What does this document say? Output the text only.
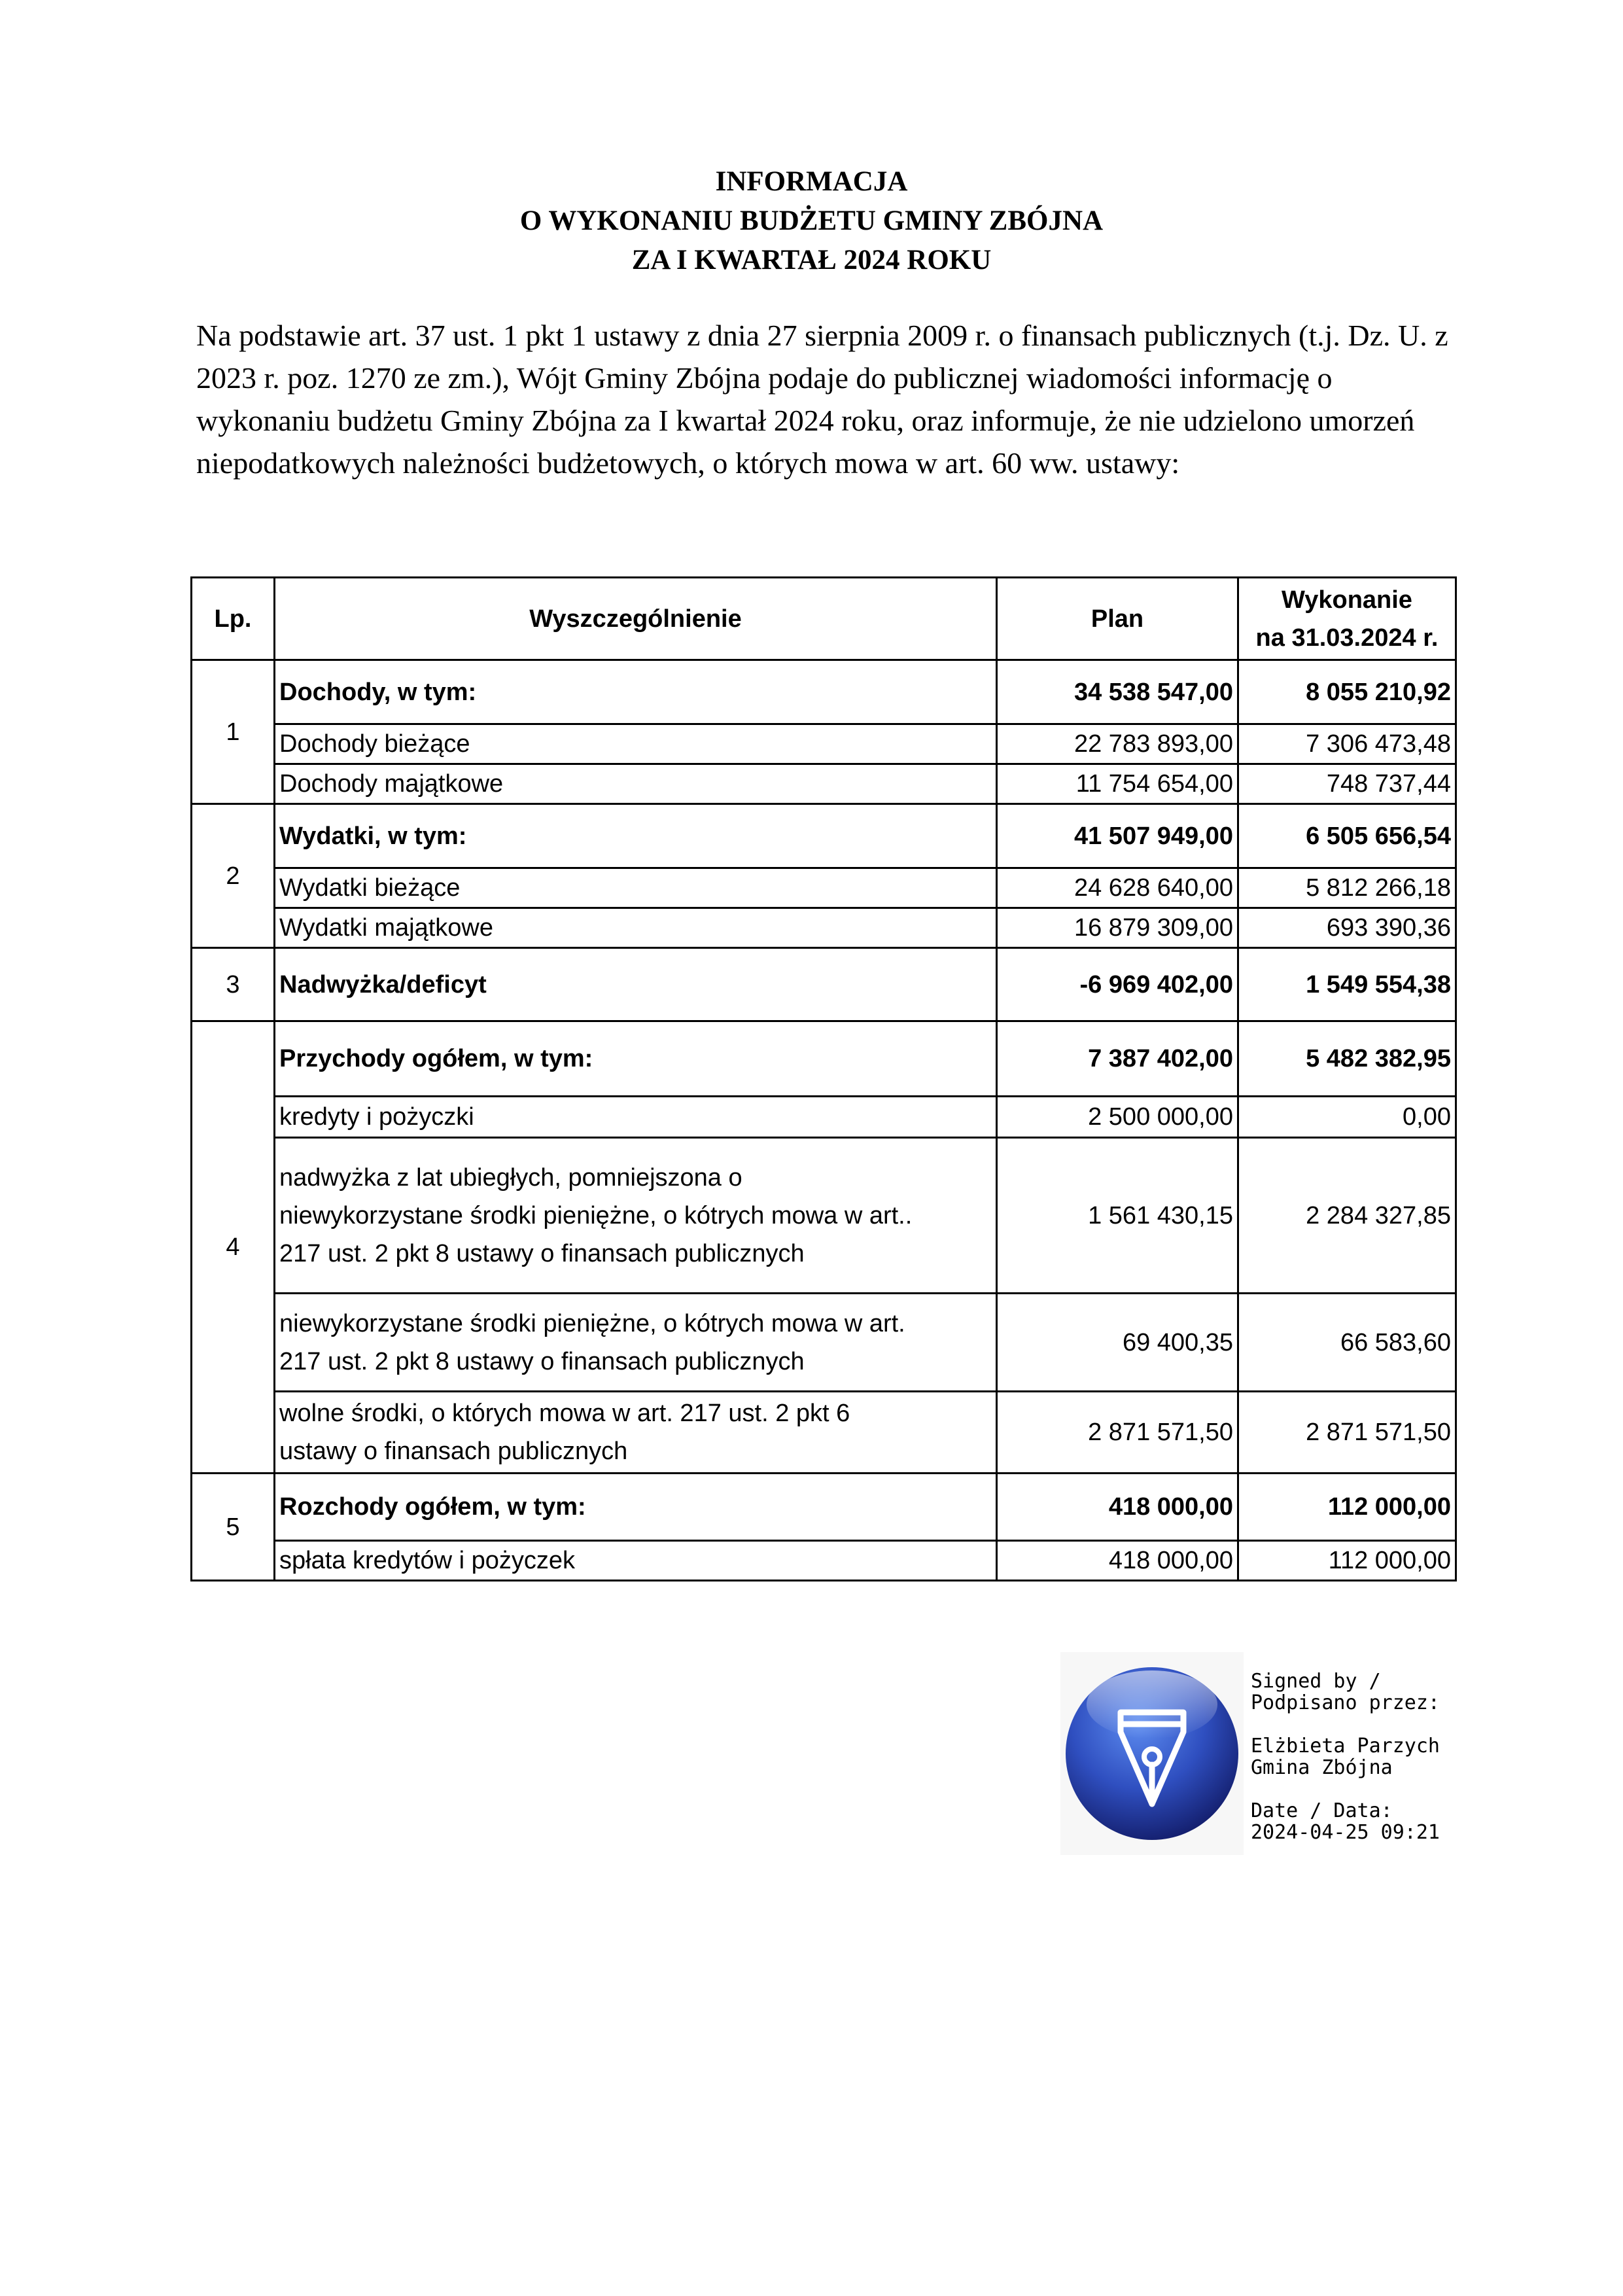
INFORMACJA
O WYKONANIU BUDŻETU GMINY ZBÓJNA
ZA I KWARTAŁ 2024 ROKU
Na podstawie art. 37 ust. 1 pkt 1 ustawy z dnia 27 sierpnia 2009 r. o finansach publicznych (t.j. Dz. U. z 2023 r. poz. 1270 ze zm.), Wójt Gminy Zbójna podaje do publicznej wiadomości informację o wykonaniu budżetu Gminy Zbójna za I kwartał 2024 roku, oraz informuje, że nie udzielono umorzeń niepodatkowych należności budżetowych, o których mowa w art. 60 ww. ustawy:
Lp.	Wyszczególnienie	Plan	Wykonanie
na 31.03.2024 r.

1	Dochody, w tym:	34 538 547,00	8 055 210,92
	Dochody bieżące	22 783 893,00	7 306 473,48
	Dochody majątkowe	11 754 654,00	748 737,44
2	Wydatki, w tym:	41 507 949,00	6 505 656,54
	Wydatki bieżące	24 628 640,00	5 812 266,18
	Wydatki majątkowe	16 879 309,00	693 390,36
3	Nadwyżka/deficyt	-6 969 402,00	1 549 554,38
4	Przychody ogółem, w tym:	7 387 402,00	5 482 382,95
	kredyty i pożyczki	2 500 000,00	0,00

	nadwyżka z lat ubiegłych, pomniejszona o
niewykorzystane środki pieniężne, o kótrych mowa w art..
217 ust. 2 pkt 8 ustawy o finansach publicznych	1 561 430,15	2 284 327,85

	niewykorzystane środki pieniężne, o kótrych mowa w art.
217 ust. 2 pkt 8 ustawy o finansach publicznych	69 400,35	66 583,60

	wolne środki, o których mowa w art. 217 ust. 2 pkt 6
ustawy o finansach publicznych	2 871 571,50	2 871 571,50
5	Rozchody ogółem, w tym:	418 000,00	112 000,00
	spłata kredytów i pożyczek	418 000,00	112 000,00
Signed by /
Podpisano przez:
Elżbieta Parzych
Gmina Zbójna
Date / Data:
2024-04-25 09:21
